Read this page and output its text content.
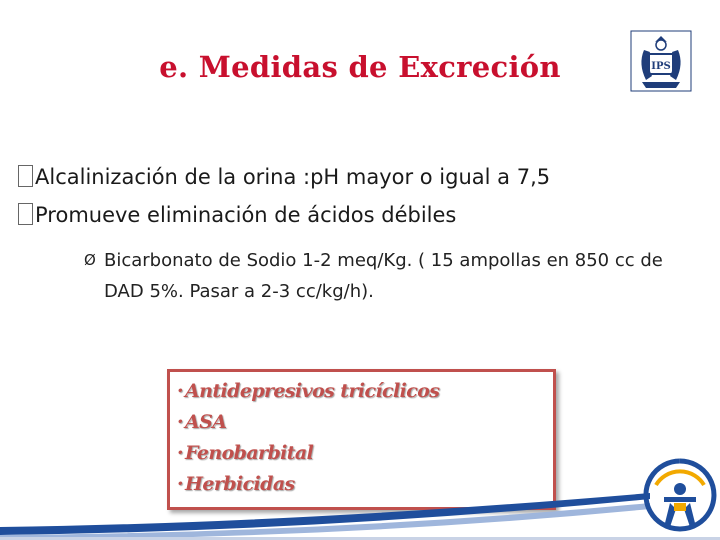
e. Medidas de Excreción	IPS
Alcalinización de la orina :pH mayor o igual a 7,5
Promueve eliminación de ácidos débiles
Ø Bicarbonato de Sodio 1-2 meq/Kg. ( 15 ampollas en 850 cc de DAD 5%. Pasar a 2-3 cc/kg/h).
· Antidepresivos tricíclicos
· ASA
· Fenobarbital
· Herbicidas
